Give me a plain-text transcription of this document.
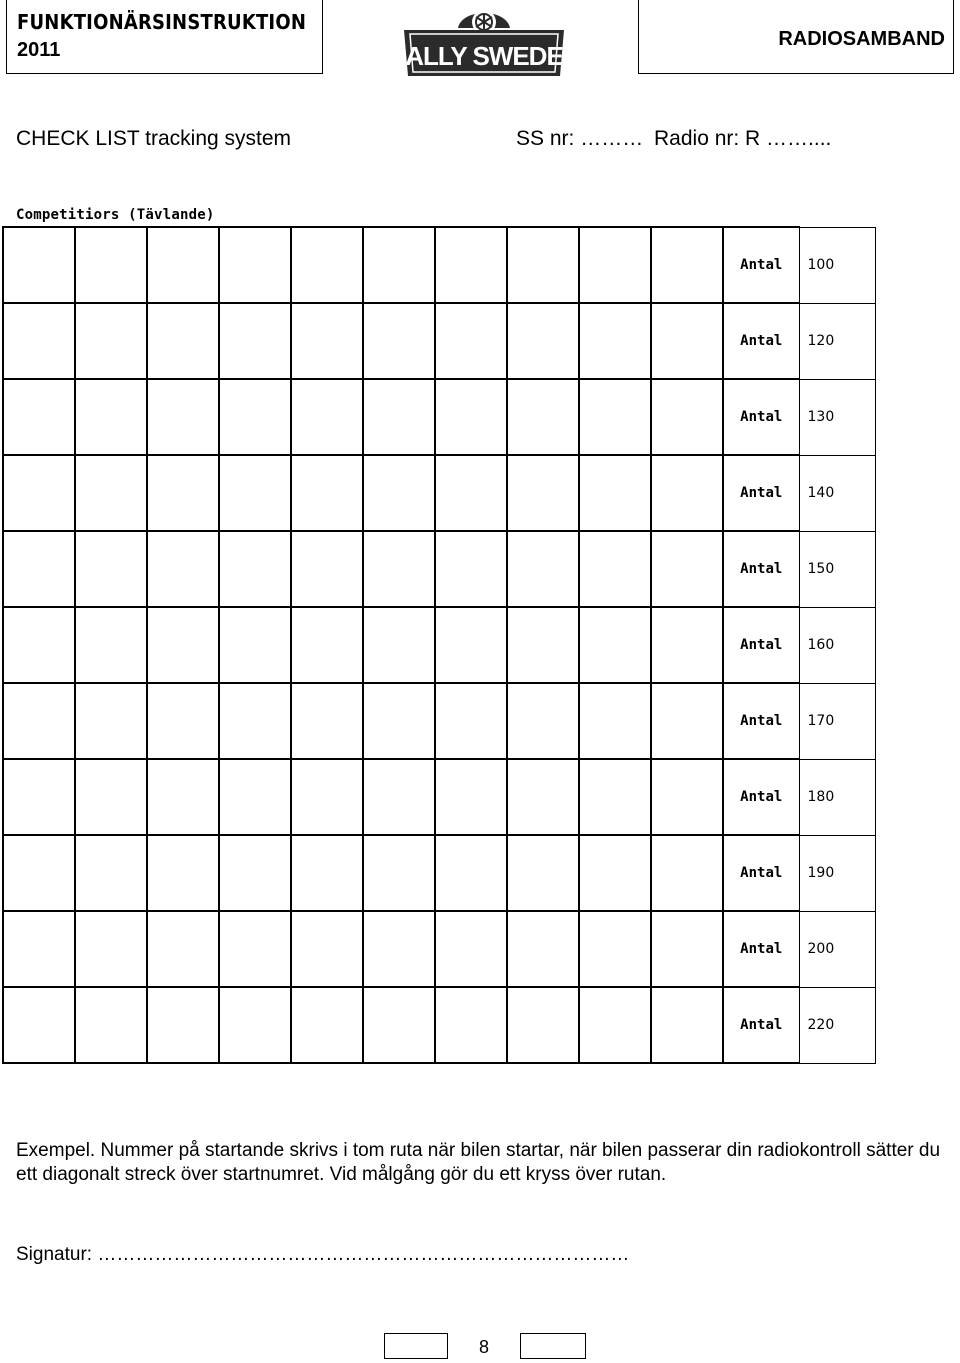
FUNKTIONÄRSINSTRUKTION
2011	RALLY SWEDEN
RADIOSAMBAND
CHECK LIST tracking system	SS nr: ……… Radio nr: R ……....
Competitiors (Tävlande)
										Antal	100
										Antal	120
										Antal	130
										Antal	140
										Antal	150
										Antal	160
										Antal	170
										Antal	180
										Antal	190
										Antal	200
										Antal	220
Exempel. Nummer på startande skrivs i tom ruta när bilen startar, när bilen passerar din radiokontroll sätter du ett diagonalt streck över startnumret. Vid målgång gör du ett kryss över rutan.
Signatur: …………………………………………………………………………
8
